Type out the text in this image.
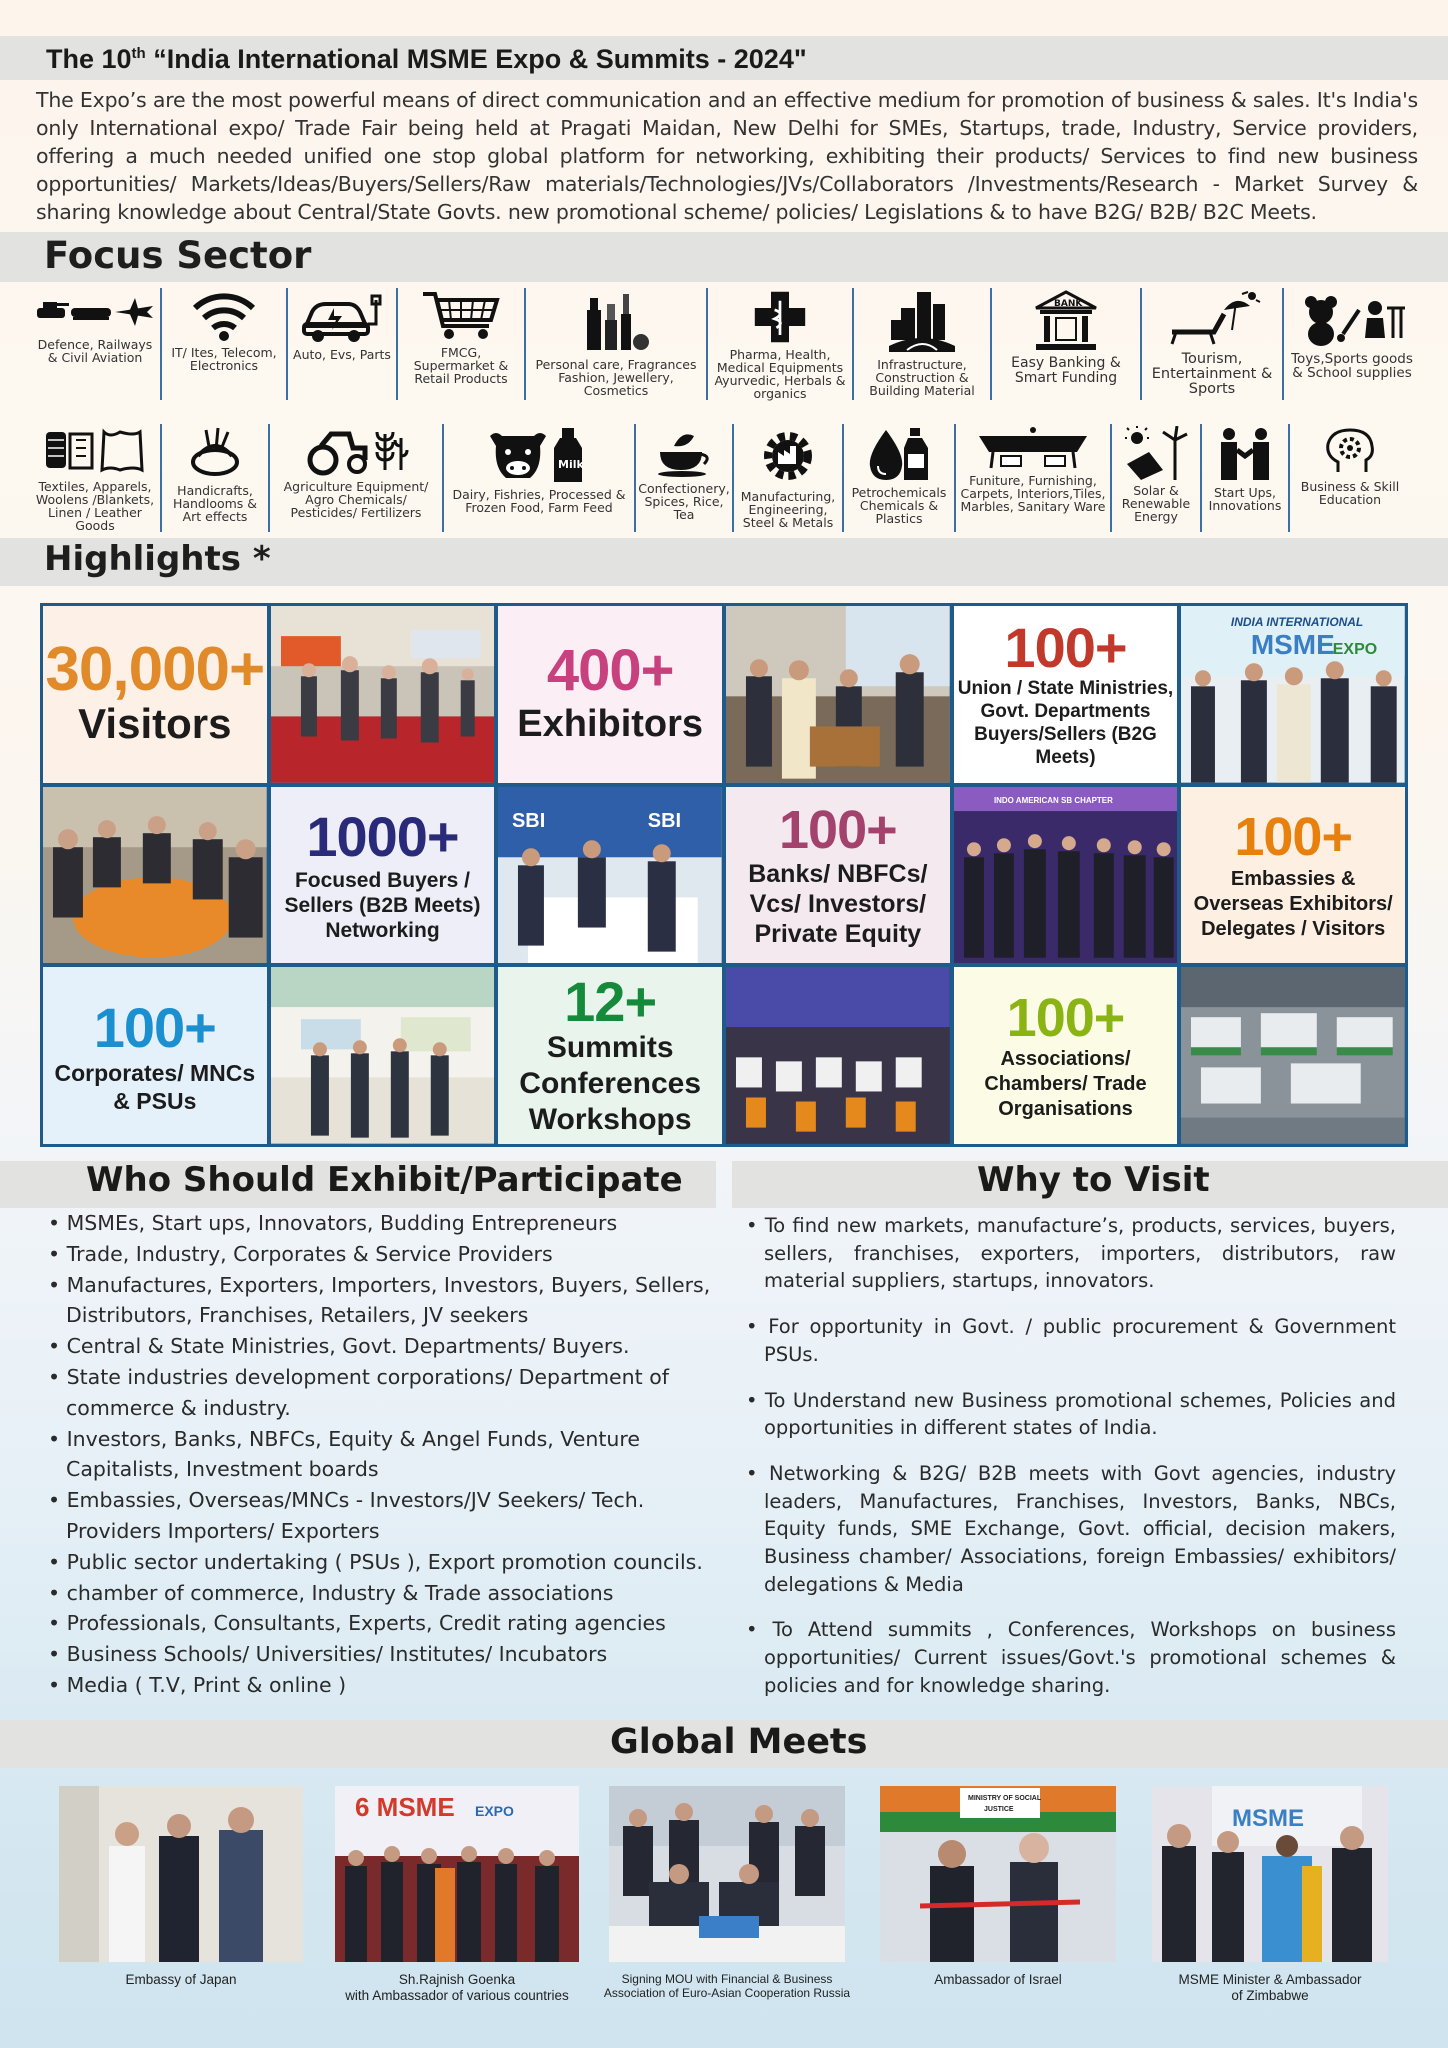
The 10th “India International MSME Expo & Summits - 2024"
The Expo’s are the most powerful means of direct communication and an effective medium for promotion of business & sales. It's India's only International expo/ Trade Fair being held at Pragati Maidan, New Delhi for SMEs, Startups, trade, Industry, Service providers, offering a much needed unified one stop global platform for networking, exhibiting their products/ Services to find new business opportunities/ Markets/Ideas/Buyers/Sellers/Raw materials/Technologies/JVs/Collaborators /Investments/Research - Market Survey & sharing knowledge about Central/State Govts. new promotional scheme/ policies/ Legislations & to have B2G/ B2B/ B2C Meets.
Focus Sector
Defence, Railways & Civil Aviation	IT/ Ites, Telecom, Electronics
Auto, Evs, Parts	FMCG, Supermarket & Retail Products
Personal care, Fragrances Fashion, Jewellery, Cosmetics
Pharma, Health, Medical Equipments Ayurvedic, Herbals & organics
Infrastructure, Construction & Building Material
BANK
Easy Banking & Smart Funding
Tourism, Entertainment & Sports
Toys,Sports goods & School supplies
Textiles, Apparels, Woolens /Blankets, Linen / Leather Goods
Handicrafts, Handlooms & Art effects
Agriculture Equipment/ Agro Chemicals/ Pesticides/ Fertilizers
Milk
Dairy, Fishries, Processed & Frozen Food, Farm Feed
Confectionery, Spices, Rice, Tea
Manufacturing, Engineering, Steel & Metals
Petrochemicals Chemicals & Plastics
Funiture, Furnishing, Carpets, Interiors,Tiles, Marbles, Sanitary Ware
Solar & Renewable Energy
Start Ups, Innovations
Business & Skill Education
Highlights *
30,000+
Visitors
400+
Exhibitors
100+
Union / State Ministries, Govt. Departments Buyers/Sellers (B2G Meets)
INDIA INTERNATIONAL
MSME
EXPO
1000+
Focused Buyers / Sellers (B2B Meets) Networking
SBI	SBI 100+
Banks/ NBFCs/ Vcs/ Investors/ Private Equity
INDO AMERICAN SB CHAPTER
100+
Embassies & Overseas Exhibitors/ Delegates / Visitors
100+
Corporates/ MNCs & PSUs
12+
Summits Conferences Workshops
100+
Associations/ Chambers/ Trade Organisations
Who Should Exhibit/Participate	Why to Visit
• MSMEs, Start ups, Innovators, Budding Entrepreneurs
• Trade, Industry, Corporates & Service Providers
• Manufactures, Exporters, Importers, Investors, Buyers, Sellers, Distributors, Franchises, Retailers, JV seekers
• Central & State Ministries, Govt. Departments/ Buyers.
• State industries development corporations/ Department of commerce & industry.
• Investors, Banks, NBFCs, Equity & Angel Funds, Venture Capitalists, Investment boards
• Embassies, Overseas/MNCs - Investors/JV Seekers/ Tech. Providers Importers/ Exporters
• Public sector undertaking ( PSUs ), Export promotion councils.
• chamber of commerce, Industry & Trade associations
• Professionals, Consultants, Experts, Credit rating agencies
• Business Schools/ Universities/ Institutes/ Incubators
• Media ( T.V, Print & online )
• To find new markets, manufacture’s, products, services, buyers, sellers, franchises, exporters, importers, distributors, raw material suppliers, startups, innovators.
• For opportunity in Govt. / public procurement & Government PSUs.
• To Understand new Business promotional schemes, Policies and opportunities in different states of India.
• Networking & B2G/ B2B meets with Govt agencies, industry leaders, Manufactures, Franchises, Investors, Banks, NBCs, Equity funds, SME Exchange, Govt. official, decision makers, Business chamber/ Associations, foreign Embassies/ exhibitors/ delegations & Media
• To Attend summits , Conferences, Workshops on business opportunities/ Current issues/Govt.'s promotional schemes & policies and for knowledge sharing.
Global Meets
Embassy of Japan
6 MSME EXPO
Sh.Rajnish Goenka
with Ambassador of various countries
Signing MOU with Financial & Business
Association of Euro-Asian Cooperation Russia
MINISTRY OF SOCIAL
JUSTICE
Ambassador of Israel
MSME
MSME Minister & Ambassador
of Zimbabwe
